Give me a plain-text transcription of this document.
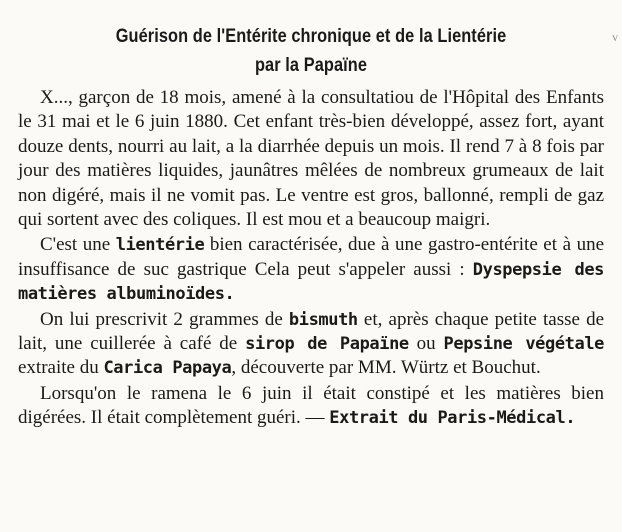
V
Guérison de l'Entérite chronique et de la Lientérie
par la Papaïne

X..., garçon de 18 mois, amené à la consultatiou de l'Hôpital des Enfants le 31 mai et le 6 juin 1880. Cet enfant très-bien développé, assez fort, ayant douze dents, nourri au lait, a la diarrhée depuis un mois. Il rend 7 à 8 fois par jour des matières liquides, jaunâtres mêlées de nombreux grumeaux de lait non digéré, mais il ne vomit pas. Le ventre est gros, ballonné, rempli de gaz qui sortent avec des coliques. Il est mou et a beaucoup maigri.

C'est une lientérie bien caractérisée, due à une gastro-entérite et à une insuffisance de suc gastrique Cela peut s'appeler aussi : Dyspepsie des matières albuminoïdes.

On lui prescrivit 2 grammes de bismuth et, après chaque petite tasse de lait, une cuillerée à café de sirop de Papaïne ou Pepsine végétale extraite du Carica Papaya, découverte par MM. Würtz et Bouchut.

Lorsqu'on le ramena le 6 juin il était constipé et les matières bien digérées. Il était complètement guéri. — Extrait du Paris-Médical.
